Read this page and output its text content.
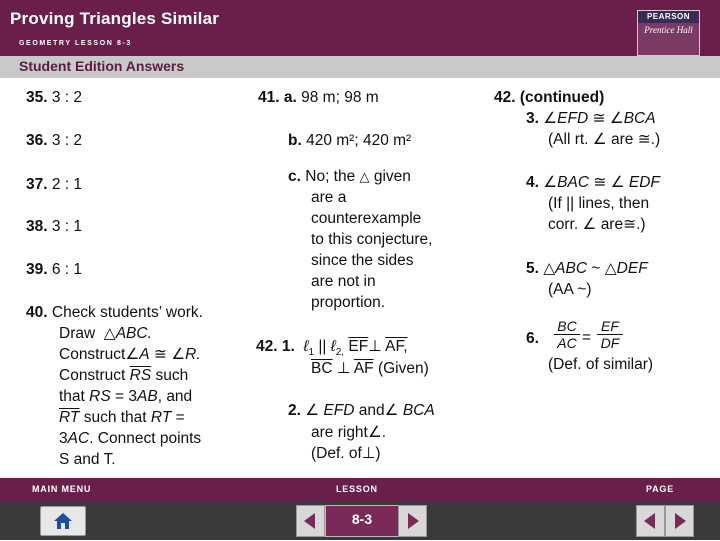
Proving Triangles Similar
GEOMETRY LESSON 8-3
PEARSON
Prentice Hall
Student Edition Answers
35. 3 : 2
36. 3 : 2
37. 2 : 1
38. 3 : 1
39. 6 : 1
40. Check students’ work.
Draw △ABC.
Construct∠A ≅ ∠R.
Construct $\overline{RS}$ such
that RS = 3AB, and
$\overline{RT}$ such that RT =
3AC. Connect points
S and T.
41. a. 98 m; 98 m
b. 420 m²; 420 m²
c. No; the △ given
are a
counterexample
to this conjecture,
since the sides
are not in
proportion.
42. 1. ℓ$_1$ || ℓ$_{2,}$ $\overline{EF}\perp$ AF,
$\overline{BC}$ ⊥ $\overline{AF}$ (Given)
2. ∠ EFD and∠ BCA
are right∠.
(Def. of⊥)
42. (continued)
3. ∠EFD ≅ ∠BCA
(All rt. ∠ are ≅.)
4. ∠BAC ≅ ∠ EDF
(If || lines, then
corr. ∠ are≅.)
5. △ABC ~ △DEF
(AA ~)
6.
BC
AC =
EF
DF
(Def. of similar)
MAIN MENU	LESSON	PAGE
8-3
